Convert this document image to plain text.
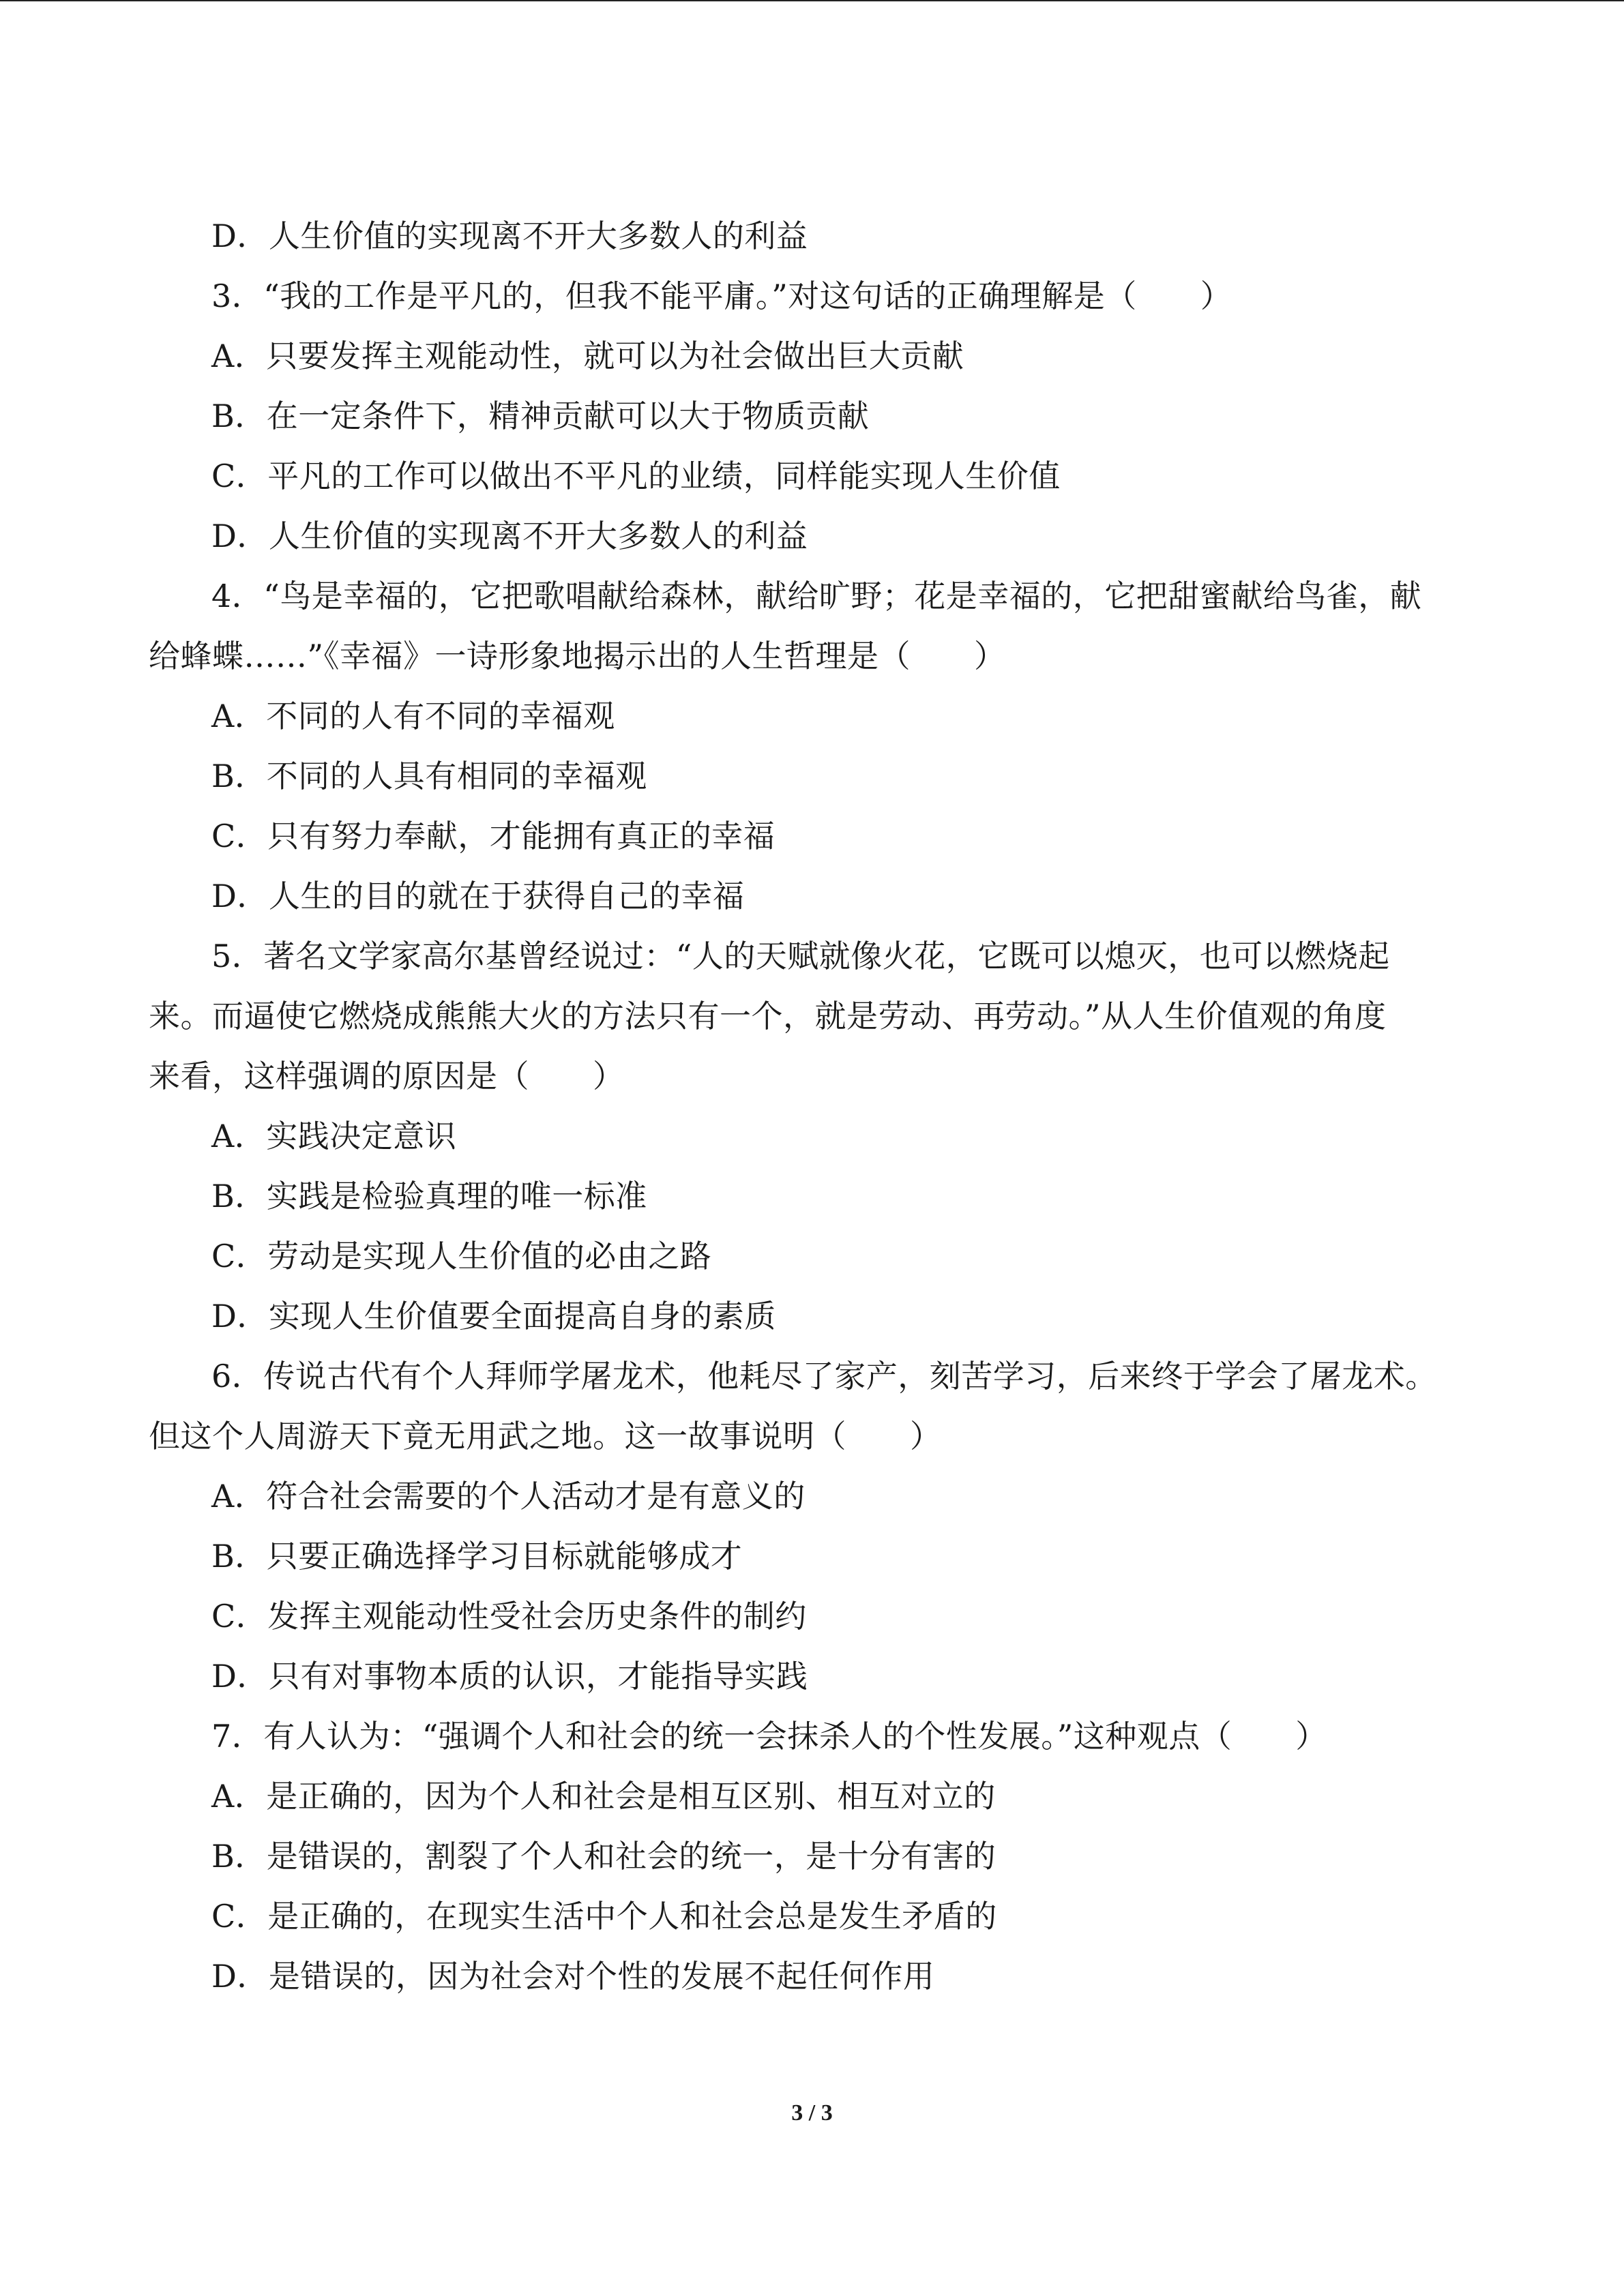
D．人生价值的实现离不开大多数人的利益
3．“我的工作是平凡的，但我不能平庸。”对这句话的正确理解是（　　）
A．只要发挥主观能动性，就可以为社会做出巨大贡献
B．在一定条件下，精神贡献可以大于物质贡献
C．平凡的工作可以做出不平凡的业绩，同样能实现人生价值
D．人生价值的实现离不开大多数人的利益
4．“鸟是幸福的，它把歌唱献给森林，献给旷野；花是幸福的，它把甜蜜献给鸟雀，献
给蜂蝶……”《幸福》一诗形象地揭示出的人生哲理是（　　）
A．不同的人有不同的幸福观
B．不同的人具有相同的幸福观
C．只有努力奉献，才能拥有真正的幸福
D．人生的目的就在于获得自己的幸福
5．著名文学家高尔基曾经说过：“人的天赋就像火花，它既可以熄灭，也可以燃烧起
来。而逼使它燃烧成熊熊大火的方法只有一个，就是劳动、再劳动。”从人生价值观的角度
来看，这样强调的原因是（　　）
A．实践决定意识
B．实践是检验真理的唯一标准
C．劳动是实现人生价值的必由之路
D．实现人生价值要全面提高自身的素质
6．传说古代有个人拜师学屠龙术，他耗尽了家产，刻苦学习，后来终于学会了屠龙术。
但这个人周游天下竟无用武之地。这一故事说明（　　）
A．符合社会需要的个人活动才是有意义的
B．只要正确选择学习目标就能够成才
C．发挥主观能动性受社会历史条件的制约
D．只有对事物本质的认识，才能指导实践
7．有人认为：“强调个人和社会的统一会抹杀人的个性发展。”这种观点（　　）
A．是正确的，因为个人和社会是相互区别、相互对立的
B．是错误的，割裂了个人和社会的统一，是十分有害的
C．是正确的，在现实生活中个人和社会总是发生矛盾的
D．是错误的，因为社会对个性的发展不起任何作用
3 / 3
